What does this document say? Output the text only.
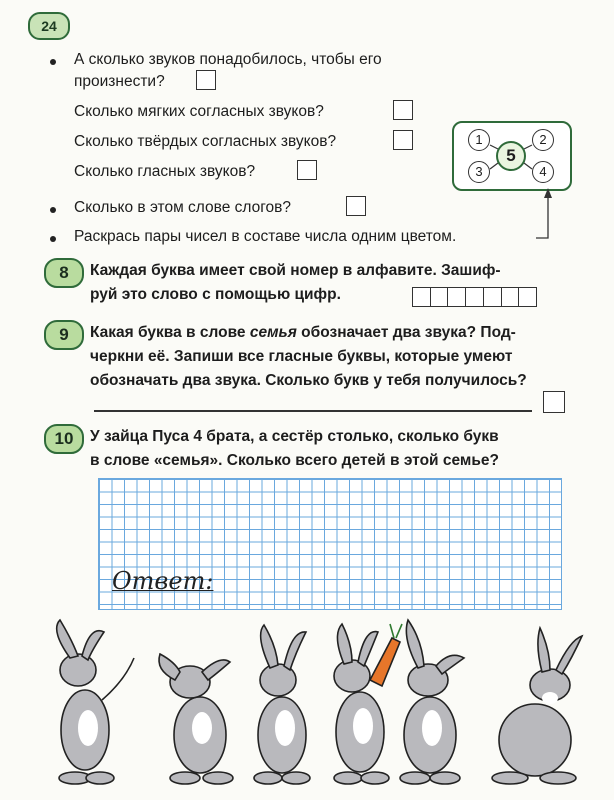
24
А сколько звуков понадобилось, чтобы его
произнести?
Сколько мягких согласных звуков?
Сколько твёрдых согласных звуков?
Сколько гласных звуков?
1	2
3	4
5
Сколько в этом слове слогов?
Раскрась пары чисел в составе числа одним цветом.
8	Каждая буква имеет свой номер в алфавите. Зашиф-
руй это слово с помощью цифр.
9	Какая буква в слове семья обозначает два звука? Под-
черкни её. Запиши все гласные буквы, которые умеют
обозначать два звука. Сколько букв у тебя получилось?
10	У зайца Пуса 4 брата, а сестёр столько, сколько букв
в слове «семья». Сколько всего детей в этой семье?
Ответ:
